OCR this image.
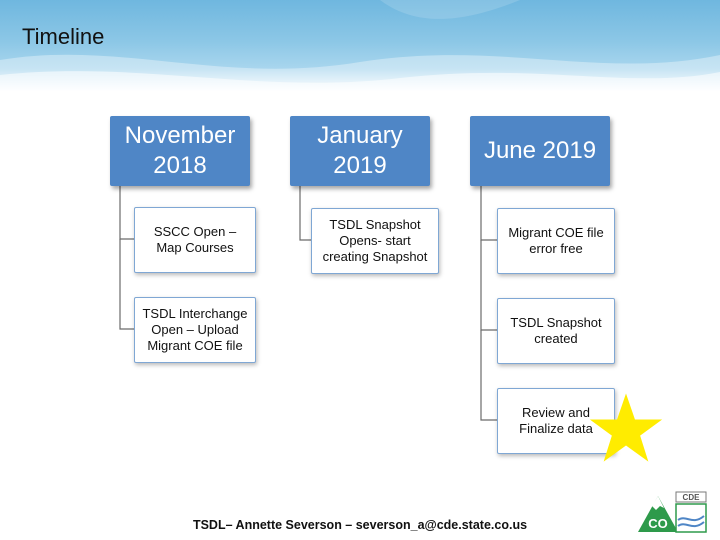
Timeline
November 2018
SSCC Open –
Map Courses
TSDL Interchange
Open – Upload
Migrant COE file
January 2019
TSDL Snapshot
Opens- start
creating Snapshot
June 2019
Migrant COE file
error free
TSDL Snapshot
created
Review and
Finalize data
TSDL– Annette Severson – severson_a@cde.state.co.us
CDE
CO
